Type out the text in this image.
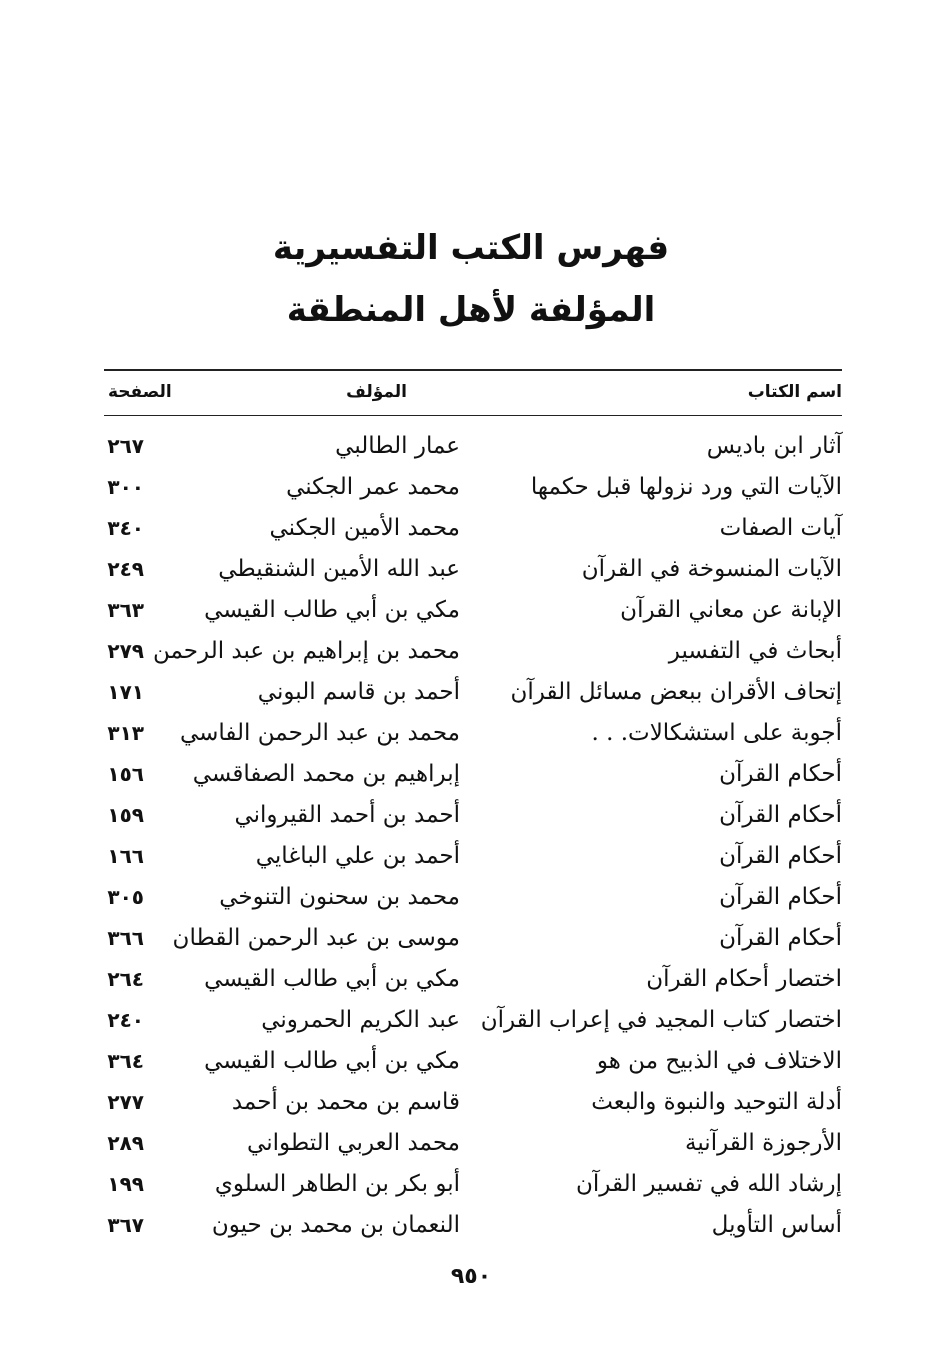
فهرس الكتب التفسيرية
المؤلفة لأهل المنطقة
اسم الكتاب
المؤلف
الصفحة
آثار ابن باديس
عمار الطالبي
٢٦٧
الآيات التي ورد نزولها قبل حكمها
محمد عمر الجكني
٣٠٠
آيات الصفات
محمد الأمين الجكني
٣٤٠
الآيات المنسوخة في القرآن
عبد الله الأمين الشنقيطي
٢٤٩
الإبانة عن معاني القرآن
مكي بن أبي طالب القيسي
٣٦٣
أبحاث في التفسير
محمد بن إبراهيم بن عبد الرحمن
٢٧٩
إتحاف الأقران ببعض مسائل القرآن
أحمد بن قاسم البوني
١٧١
أجوبة على استشكالات. . .
محمد بن عبد الرحمن الفاسي
٣١٣
أحكام القرآن
إبراهيم بن محمد الصفاقسي
١٥٦
أحكام القرآن
أحمد بن أحمد القيرواني
١٥٩
أحكام القرآن
أحمد بن علي الباغايي
١٦٦
أحكام القرآن
محمد بن سحنون التنوخي
٣٠٥
أحكام القرآن
موسى بن عبد الرحمن القطان
٣٦٦
اختصار أحكام القرآن
مكي بن أبي طالب القيسي
٢٦٤
اختصار كتاب المجيد في إعراب القرآن
عبد الكريم الحمروني
٢٤٠
الاختلاف في الذبيح من هو
مكي بن أبي طالب القيسي
٣٦٤
أدلة التوحيد والنبوة والبعث
قاسم بن محمد بن أحمد
٢٧٧
الأرجوزة القرآنية
محمد العربي التطواني
٢٨٩
إرشاد الله في تفسير القرآن
أبو بكر بن الطاهر السلوي
١٩٩
أساس التأويل
النعمان بن محمد بن حيون
٣٦٧
٩٥٠
